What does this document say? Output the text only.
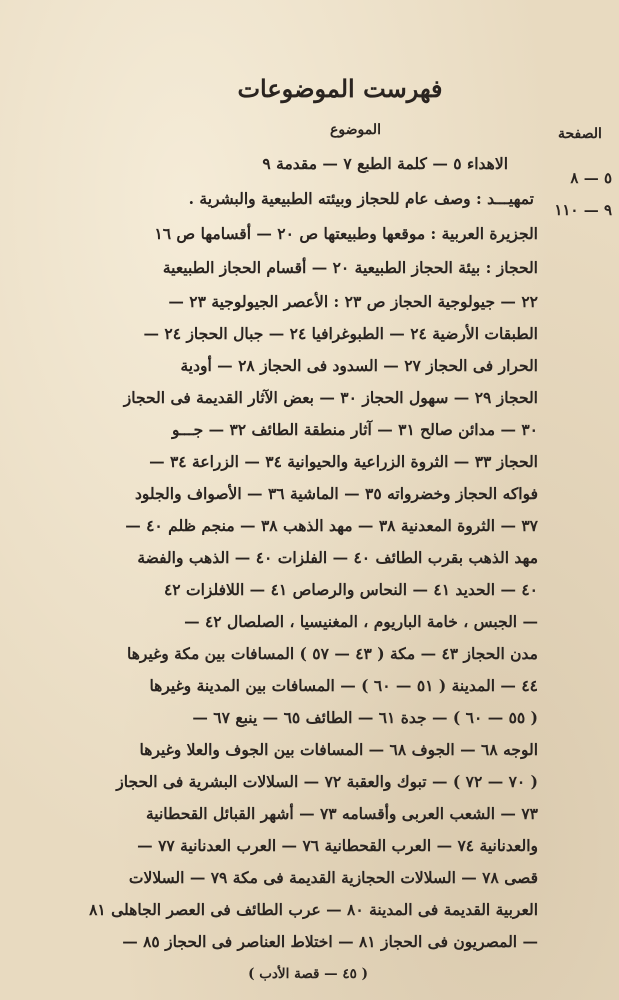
فهرست الموضوعات
الصفحة
الموضوع
٥ — ٨
٩ — ١١٠
الاهداء ٥ — كلمة الطبع ٧ — مقدمة ٩
تمهيـــد : وصف عام للحجاز وبيئته الطبيعية والبشرية .
الجزيرة العربية : موقعها وطبيعتها ص ٢٠ — أقسامها ص ١٦
الحجاز : بيئة الحجاز الطبيعية ٢٠ — أقسام الحجاز الطبيعية
٢٢ — جيولوجية الحجاز ص ٢٣ : الأعصر الجيولوجية ٢٣ —
الطبقات الأرضية ٢٤ — الطبوغرافيا ٢٤ — جبال الحجاز ٢٤ —
الحرار فى الحجاز ٢٧ — السدود فى الحجاز ٢٨ — أودية
الحجاز ٢٩ — سهول الحجاز ٣٠ — بعض الآثار القديمة فى الحجاز
٣٠ — مدائن صالح ٣١ — آثار منطقة الطائف ٣٢ — جـــو
الحجاز ٣٣ — الثروة الزراعية والحيوانية ٣٤ — الزراعة ٣٤ —
فواكه الحجاز وخضرواته ٣٥ — الماشية ٣٦ — الأصواف والجلود
٣٧ — الثروة المعدنية ٣٨ — مهد الذهب ٣٨ — منجم ظلم ٤٠ —
مهد الذهب بقرب الطائف ٤٠ — الفلزات ٤٠ — الذهب والفضة
٤٠ — الحديد ٤١ — النحاس والرصاص ٤١ — اللافلزات ٤٢
— الجبس ، خامة الباريوم ، المغنيسيا ، الصلصال ٤٢ —
مدن الحجاز ٤٣ — مكة ( ٤٣ — ٥٧ ) المسافات بين مكة وغيرها
٤٤ — المدينة ( ٥١ — ٦٠ ) — المسافات بين المدينة وغيرها
( ٥٥ — ٦٠ ) — جدة ٦١ — الطائف ٦٥ — ينبع ٦٧ —
الوجه ٦٨ — الجوف ٦٨ — المسافات بين الجوف والعلا وغيرها
( ٧٠ — ٧٢ ) — تبوك والعقبة ٧٢ — السلالات البشرية فى الحجاز
٧٣ — الشعب العربى وأقسامه ٧٣ — أشهر القبائل القحطانية
والعدنانية ٧٤ — العرب القحطانية ٧٦ — العرب العدنانية ٧٧ —
قصى ٧٨ — السلالات الحجازية القديمة فى مكة ٧٩ — السلالات
العربية القديمة فى المدينة ٨٠ — عرب الطائف فى العصر الجاهلى ٨١
— المصريون فى الحجاز ٨١ — اختلاط العناصر فى الحجاز ٨٥ —
( ٤٥ — قصة الأدب )
